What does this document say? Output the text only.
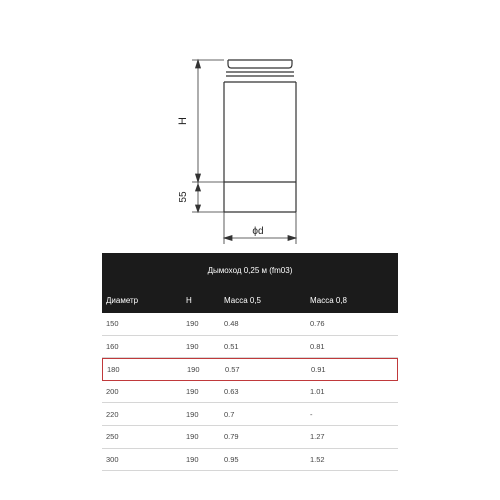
H
55
ϕd
Дымоход 0,25 м (fm03)
Диаметр	H	Масса 0,5	Масса 0,8
150	190	0.48	0.76
160	190	0.51	0.81
180	190	0.57	0.91
200	190	0.63	1.01
220	190	0.7	-
250	190	0.79	1.27
300	190	0.95	1.52
